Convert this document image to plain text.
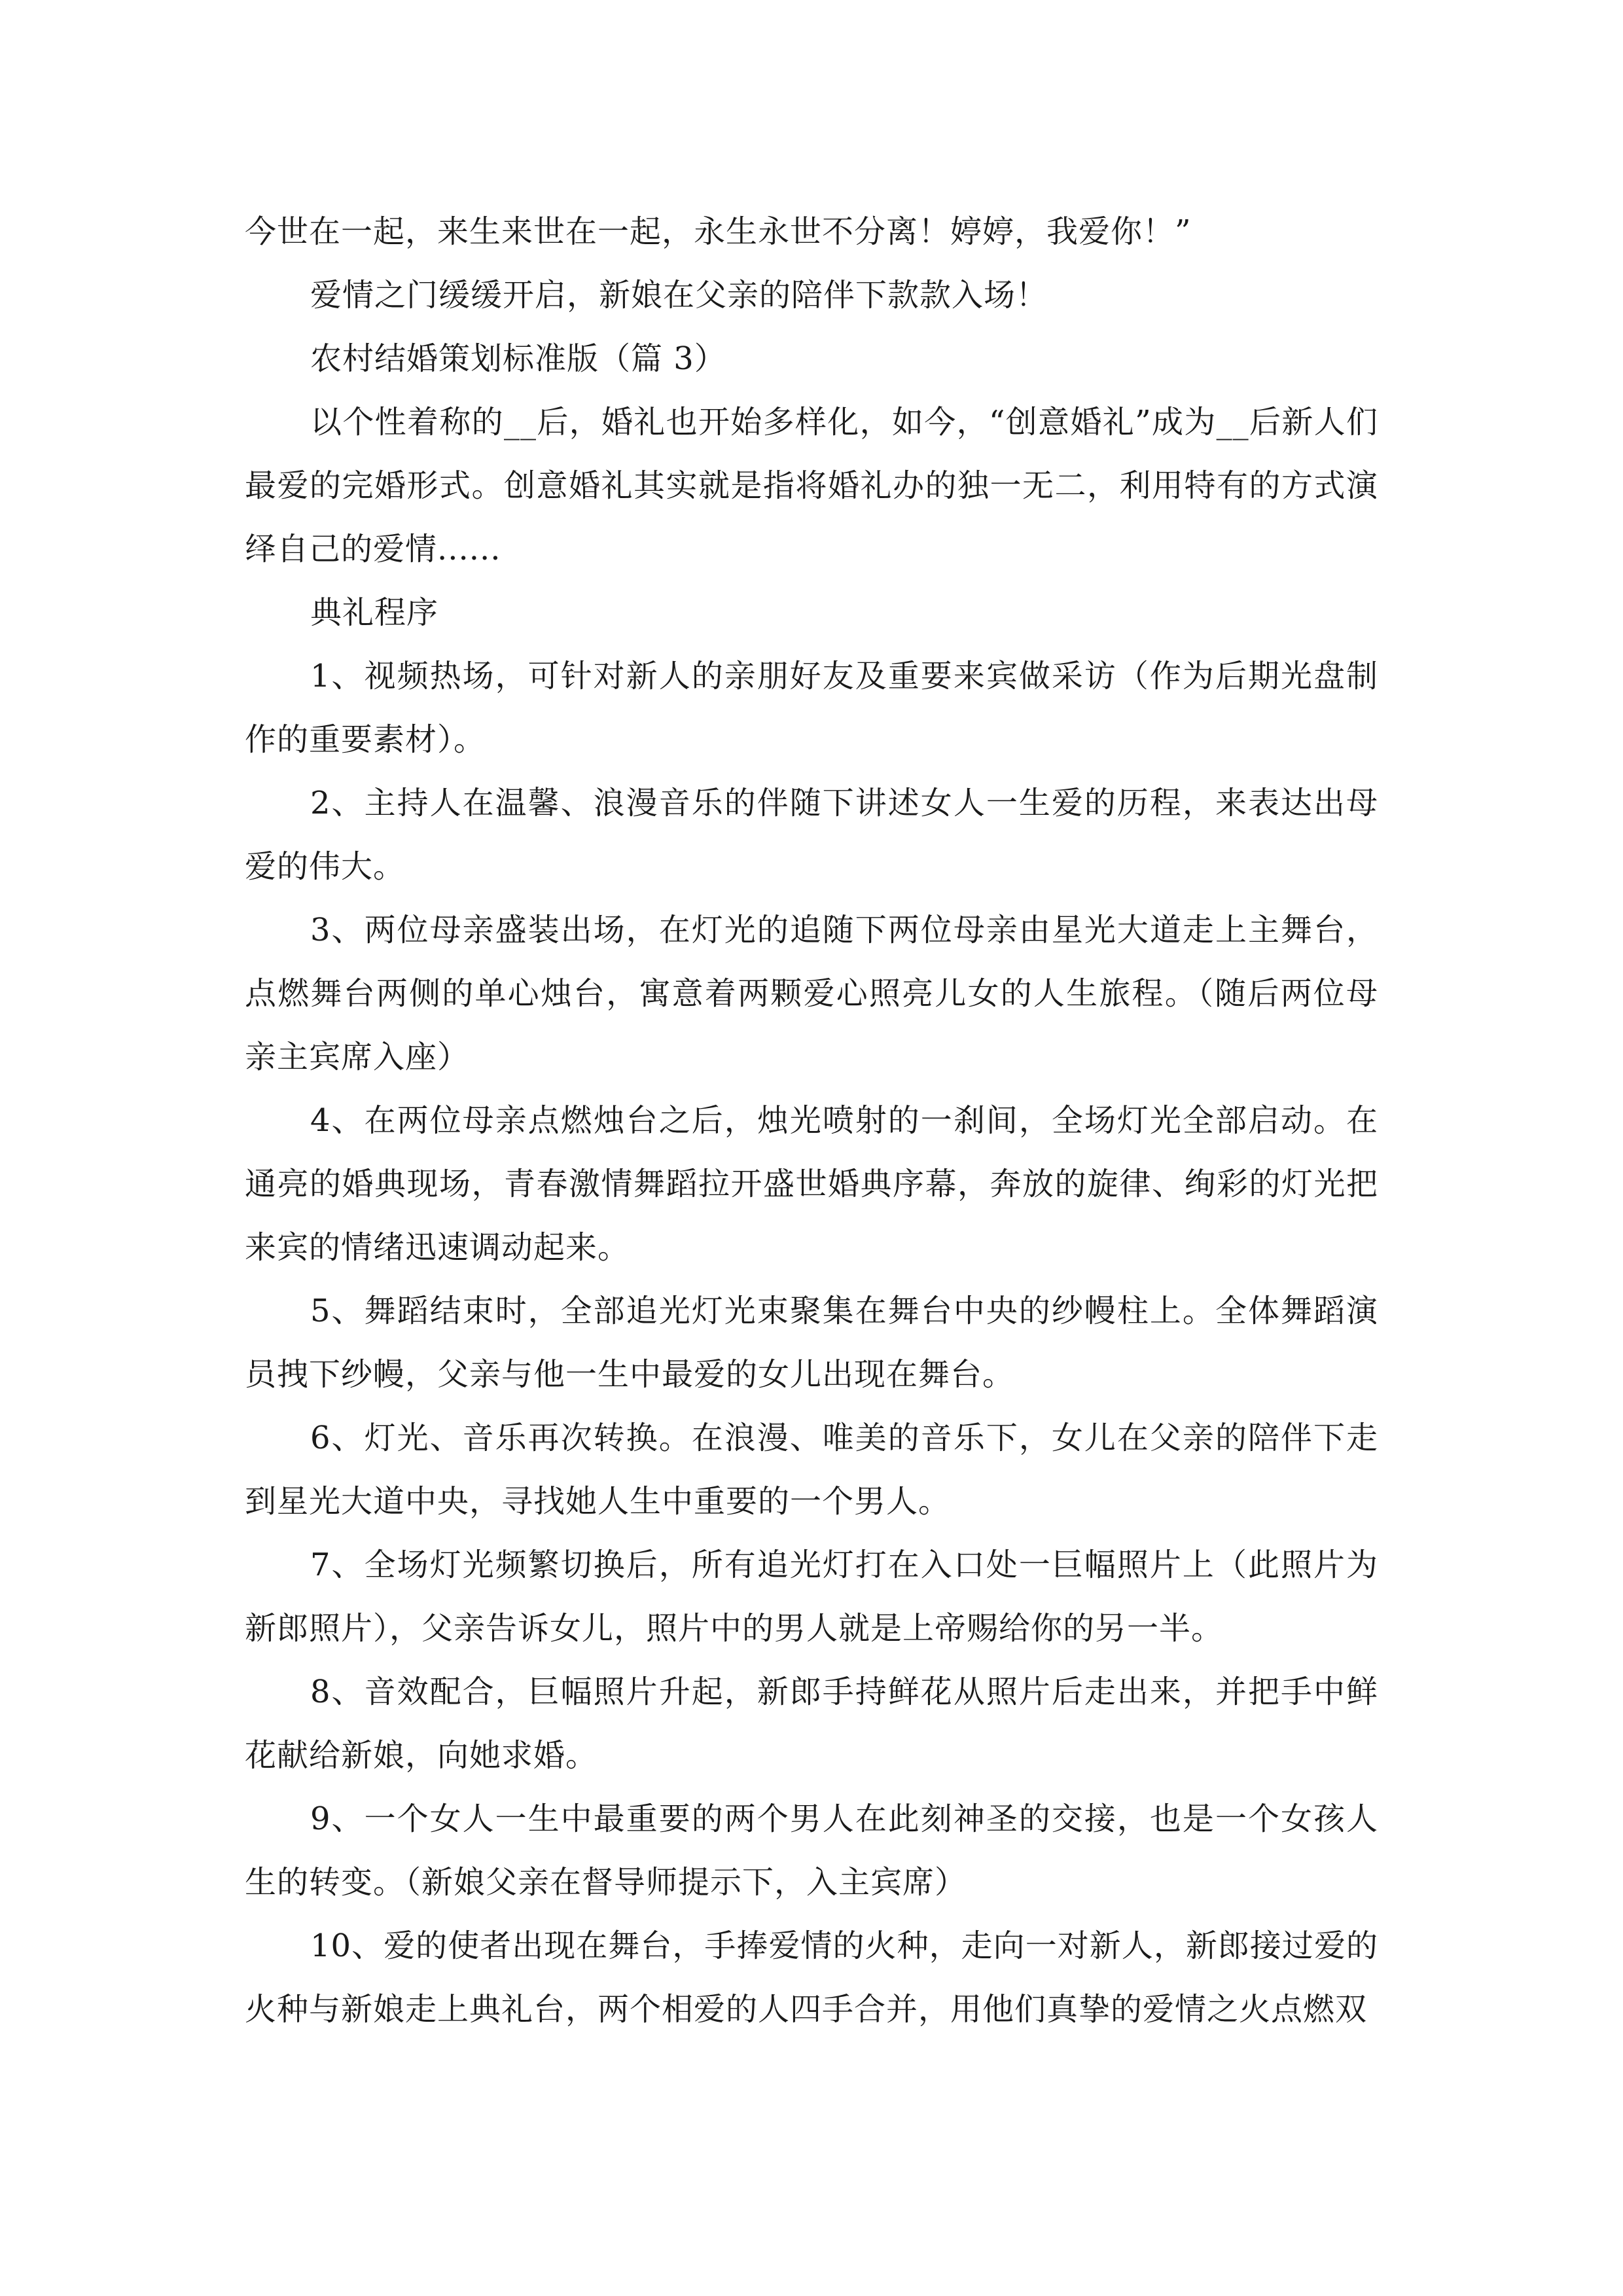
今世在一起，来生来世在一起，永生永世不分离！婷婷，我爱你！”

爱情之门缓缓开启，新娘在父亲的陪伴下款款入场！

农村结婚策划标准版（篇 3）

以个性着称的__后，婚礼也开始多样化，如今，“创意婚礼”成为__后新人们最爱的完婚形式。创意婚礼其实就是指将婚礼办的独一无二，利用特有的方式演绎自己的爱情......

典礼程序

1、视频热场，可针对新人的亲朋好友及重要来宾做采访（作为后期光盘制作的重要素材）。

2、主持人在温馨、浪漫音乐的伴随下讲述女人一生爱的历程，来表达出母爱的伟大。

3、两位母亲盛装出场，在灯光的追随下两位母亲由星光大道走上主舞台，点燃舞台两侧的单心烛台，寓意着两颗爱心照亮儿女的人生旅程。（随后两位母亲主宾席入座）

4、在两位母亲点燃烛台之后，烛光喷射的一刹间，全场灯光全部启动。在通亮的婚典现场，青春激情舞蹈拉开盛世婚典序幕，奔放的旋律、绚彩的灯光把来宾的情绪迅速调动起来。

5、舞蹈结束时，全部追光灯光束聚集在舞台中央的纱幔柱上。全体舞蹈演员拽下纱幔，父亲与他一生中最爱的女儿出现在舞台。

6、灯光、音乐再次转换。在浪漫、唯美的音乐下，女儿在父亲的陪伴下走到星光大道中央，寻找她人生中重要的一个男人。

7、全场灯光频繁切换后，所有追光灯打在入口处一巨幅照片上（此照片为新郎照片），父亲告诉女儿，照片中的男人就是上帝赐给你的另一半。

8、音效配合，巨幅照片升起，新郎手持鲜花从照片后走出来，并把手中鲜花献给新娘，向她求婚。

9、一个女人一生中最重要的两个男人在此刻神圣的交接，也是一个女孩人生的转变。（新娘父亲在督导师提示下，入主宾席）

10、爱的使者出现在舞台，手捧爱情的火种，走向一对新人，新郎接过爱的火种与新娘走上典礼台，两个相爱的人四手合并，用他们真挚的爱情之火点燃双
